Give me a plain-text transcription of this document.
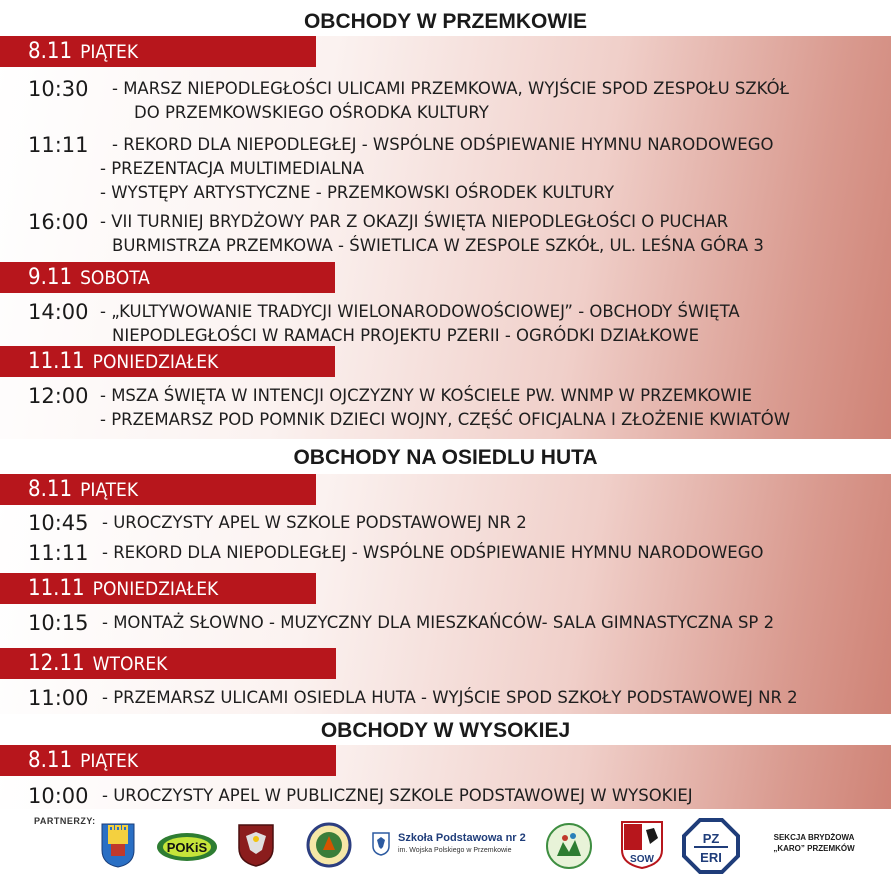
OBCHODY W PRZEMKOWIE
8.11 PIĄTEK
10:30 - MARSZ NIEPODLEGŁOŚCI ULICAMI PRZEMKOWA, WYJŚCIE SPOD ZESPOŁU SZKÓŁ
DO PRZEMKOWSKIEGO OŚRODKA KULTURY
11:11 - REKORD DLA NIEPODLEGŁEJ - WSPÓLNE ODŚPIEWANIE HYMNU NARODOWEGO
- PREZENTACJA MULTIMEDIALNA
- WYSTĘPY ARTYSTYCZNE - PRZEMKOWSKI OŚRODEK KULTURY
16:00 - VII TURNIEJ BRYDŻOWY PAR Z OKAZJI ŚWIĘTA NIEPODLEGŁOŚCI O PUCHAR
BURMISTRZA PRZEMKOWA - ŚWIETLICA W ZESPOLE SZKÓŁ, UL. LEŚNA GÓRA 3
9.11 SOBOTA
14:00 - „KULTYWOWANIE TRADYCJI WIELONARODOWOŚCIOWEJ” - OBCHODY ŚWIĘTA
NIEPODLEGŁOŚCI W RAMACH PROJEKTU PZERII - OGRÓDKI DZIAŁKOWE
11.11 PONIEDZIAŁEK
12:00 - MSZA ŚWIĘTA W INTENCJI OJCZYZNY W KOŚCIELE PW. WNMP W PRZEMKOWIE
- PRZEMARSZ POD POMNIK DZIECI WOJNY, CZĘŚĆ OFICJALNA I ZŁOŻENIE KWIATÓW
OBCHODY NA OSIEDLU HUTA
8.11 PIĄTEK
10:45 - UROCZYSTY APEL W SZKOLE PODSTAWOWEJ NR 2
11:11 - REKORD DLA NIEPODLEGŁEJ - WSPÓLNE ODŚPIEWANIE HYMNU NARODOWEGO
11.11 PONIEDZIAŁEK
10:15 - MONTAŻ SŁOWNO - MUZYCZNY DLA MIESZKAŃCÓW- SALA GIMNASTYCZNA SP 2
12.11 WTOREK
11:00 - PRZEMARSZ ULICAMI OSIEDLA HUTA - WYJŚCIE SPOD SZKOŁY PODSTAWOWEJ NR 2
OBCHODY W WYSOKIEJ
8.11 PIĄTEK
10:00 - UROCZYSTY APEL W PUBLICZNEJ SZKOLE PODSTAWOWEJ W WYSOKIEJ
PARTNERZY:
POKiS
Szkoła Podstawowa nr 2
im. Wojska Polskiego w Przemkowie
SOW
PZ
ERI
SEKCJA BRYDŻOWA „KARO” PRZEMKÓW
